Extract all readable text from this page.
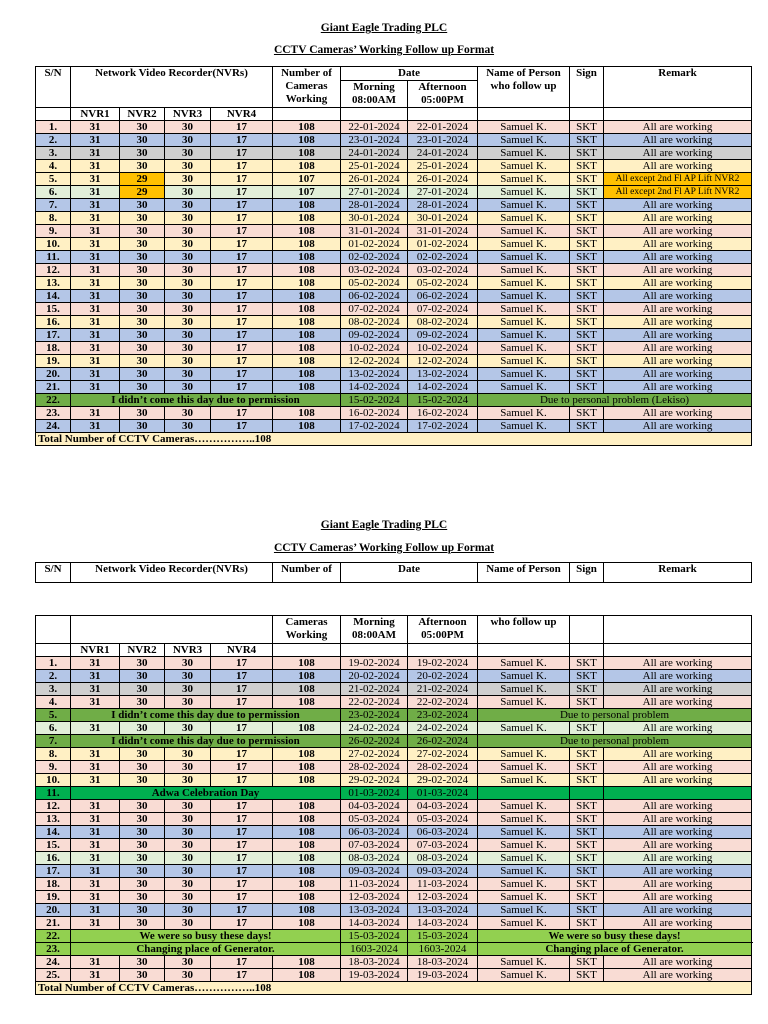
Giant Eagle Trading PLC
CCTV Cameras’ Working Follow up Format
S/N	Network Video Recorder(NVRs)				Number of Cameras Working	Date		Name of Person who follow up	Sign	Remark
						Morning 08:00AM	Afternoon 05:00PM			
	NVR1	NVR2	NVR3	NVR4						
1.	31	30	30	17	108	22-01-2024	22-01-2024	Samuel K.	SKT	All are working
2.	31	30	30	17	108	23-01-2024	23-01-2024	Samuel K.	SKT	All are working
3.	31	30	30	17	108	24-01-2024	24-01-2024	Samuel K.	SKT	All are working
4.	31	30	30	17	108	25-01-2024	25-01-2024	Samuel K.	SKT	All are working
5.	31	29	30	17	107	26-01-2024	26-01-2024	Samuel K.	SKT	All except 2nd Fl AP Lift NVR2
6.	31	29	30	17	107	27-01-2024	27-01-2024	Samuel K.	SKT	All except 2nd Fl AP Lift NVR2
7.	31	30	30	17	108	28-01-2024	28-01-2024	Samuel K.	SKT	All are working
8.	31	30	30	17	108	30-01-2024	30-01-2024	Samuel K.	SKT	All are working
9.	31	30	30	17	108	31-01-2024	31-01-2024	Samuel K.	SKT	All are working
10.	31	30	30	17	108	01-02-2024	01-02-2024	Samuel K.	SKT	All are working
11.	31	30	30	17	108	02-02-2024	02-02-2024	Samuel K.	SKT	All are working
12.	31	30	30	17	108	03-02-2024	03-02-2024	Samuel K.	SKT	All are working
13.	31	30	30	17	108	05-02-2024	05-02-2024	Samuel K.	SKT	All are working
14.	31	30	30	17	108	06-02-2024	06-02-2024	Samuel K.	SKT	All are working
15.	31	30	30	17	108	07-02-2024	07-02-2024	Samuel K.	SKT	All are working
16.	31	30	30	17	108	08-02-2024	08-02-2024	Samuel K.	SKT	All are working
17.	31	30	30	17	108	09-02-2024	09-02-2024	Samuel K.	SKT	All are working
18.	31	30	30	17	108	10-02-2024	10-02-2024	Samuel K.	SKT	All are working
19.	31	30	30	17	108	12-02-2024	12-02-2024	Samuel K.	SKT	All are working
20.	31	30	30	17	108	13-02-2024	13-02-2024	Samuel K.	SKT	All are working
21.	31	30	30	17	108	14-02-2024	14-02-2024	Samuel K.	SKT	All are working
22.	I didn’t come this day due to permission					15-02-2024	15-02-2024	Due to personal problem (Lekiso)		
23.	31	30	30	17	108	16-02-2024	16-02-2024	Samuel K.	SKT	All are working
24.	31	30	30	17	108	17-02-2024	17-02-2024	Samuel K.	SKT	All are working
Total Number of CCTV Cameras……………..108										
Giant Eagle Trading PLC
CCTV Cameras’ Working Follow up Format
S/N	Network Video Recorder(NVRs)	Number of	Date	Name of Person	Sign	Remark
					Cameras Working	Morning 08:00AM	Afternoon 05:00PM	who follow up			
	NVR1	NVR2	NVR3	NVR4							
1.	31	30	30	17	108	19-02-2024	19-02-2024	Samuel K.	SKT	All are working	
2.	31	30	30	17	108	20-02-2024	20-02-2024	Samuel K.	SKT	All are working	
3.	31	30	30	17	108	21-02-2024	21-02-2024	Samuel K.	SKT	All are working	
4.	31	30	30	17	108	22-02-2024	22-02-2024	Samuel K.	SKT	All are working	
5.	I didn’t come this day due to permission					23-02-2024	23-02-2024	Due to personal problem			
6.	31	30	30	17	108	24-02-2024	24-02-2024	Samuel K.	SKT	All are working	
7.	I didn’t come this day due to permission					26-02-2024	26-02-2024	Due to personal problem			
8.	31	30	30	17	108	27-02-2024	27-02-2024	Samuel K.	SKT	All are working	
9.	31	30	30	17	108	28-02-2024	28-02-2024	Samuel K.	SKT	All are working	
10.	31	30	30	17	108	29-02-2024	29-02-2024	Samuel K.	SKT	All are working	
11.	Adwa Celebration Day					01-03-2024	01-03-2024				
12.	31	30	30	17	108	04-03-2024	04-03-2024	Samuel K.	SKT	All are working	
13.	31	30	30	17	108	05-03-2024	05-03-2024	Samuel K.	SKT	All are working	
14.	31	30	30	17	108	06-03-2024	06-03-2024	Samuel K.	SKT	All are working	
15.	31	30	30	17	108	07-03-2024	07-03-2024	Samuel K.	SKT	All are working	
16.	31	30	30	17	108	08-03-2024	08-03-2024	Samuel K.	SKT	All are working	
17.	31	30	30	17	108	09-03-2024	09-03-2024	Samuel K.	SKT	All are working	
18.	31	30	30	17	108	11-03-2024	11-03-2024	Samuel K.	SKT	All are working	
19.	31	30	30	17	108	12-03-2024	12-03-2024	Samuel K.	SKT	All are working	
20.	31	30	30	17	108	13-03-2024	13-03-2024	Samuel K.	SKT	All are working	
21.	31	30	30	17	108	14-03-2024	14-03-2024	Samuel K.	SKT	All are working	
22.	We were so busy these days!					15-03-2024	15-03-2024	We were so busy these days!			
23.	Changing place of Generator.					1603-2024	1603-2024	Changing place of Generator.			
24.	31	30	30	17	108	18-03-2024	18-03-2024	Samuel K.	SKT	All are working	
25.	31	30	30	17	108	19-03-2024	19-03-2024	Samuel K.	SKT	All are working	
Total Number of CCTV Cameras……………..108											
